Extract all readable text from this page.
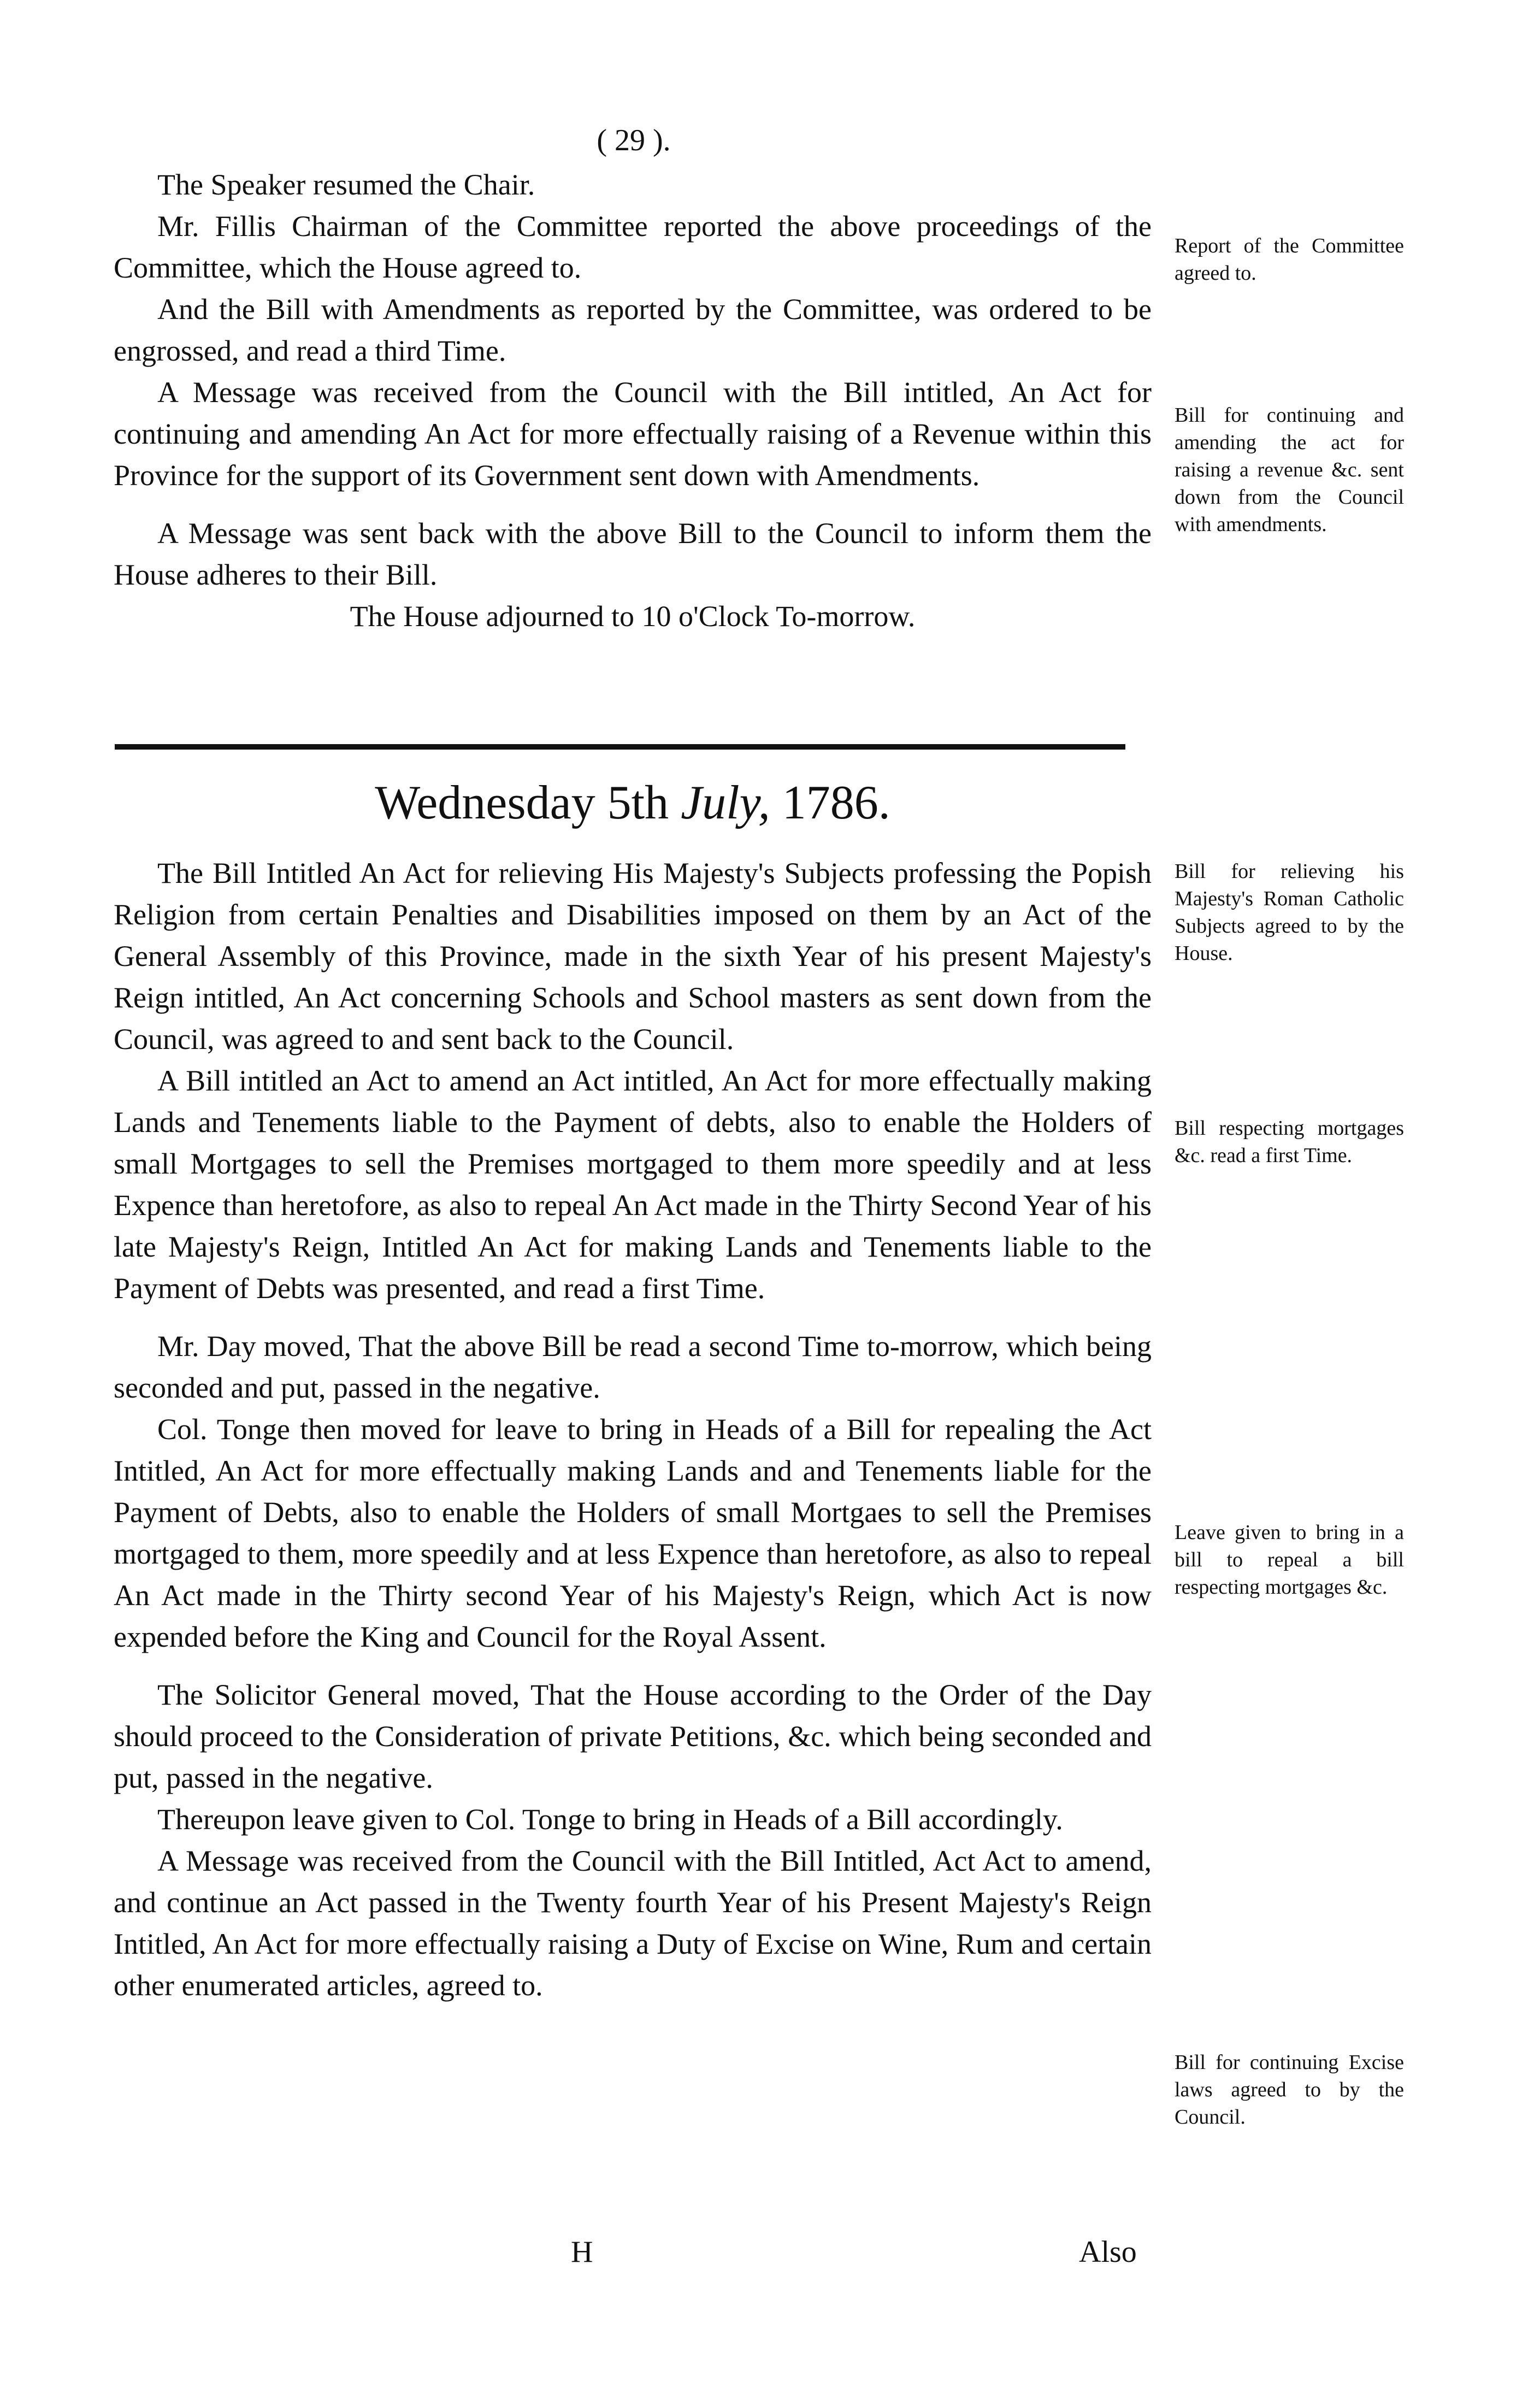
( 29 ).

The Speaker resumed the Chair.

Mr. Fillis Chairman of the Committee reported the above proceedings of the Committee, which the House agreed to.

And the Bill with Amendments as reported by the Committee, was ordered to be engrossed, and read a third Time.

A Message was received from the Council with the Bill intitled, An Act for continuing and amending An Act for more effectually raising of a Revenue within this Province for the support of its Government sent down with Amendments.

A Message was sent back with the above Bill to the Council to inform them the House adheres to their Bill.

The House adjourned to 10 o'Clock To-morrow.

Wednesday 5th July, 1786.

The Bill Intitled An Act for relieving His Majesty's Subjects professing the Popish Religion from certain Penalties and Disabilities imposed on them by an Act of the General Assembly of this Province, made in the sixth Year of his present Majesty's Reign intitled, An Act concerning Schools and School masters as sent down from the Council, was agreed to and sent back to the Council.

A Bill intitled an Act to amend an Act intitled, An Act for more effectually making Lands and Tenements liable to the Payment of debts, also to enable the Holders of small Mortgages to sell the Premises mortgaged to them more speedily and at less Expence than heretofore, as also to repeal An Act made in the Thirty Second Year of his late Majesty's Reign, Intitled An Act for making Lands and Tenements liable to the Payment of Debts was presented, and read a first Time.

Mr. Day moved, That the above Bill be read a second Time to-morrow, which being seconded and put, passed in the negative.

Col. Tonge then moved for leave to bring in Heads of a Bill for repealing the Act Intitled, An Act for more effectually making Lands and and Tenements liable for the Payment of Debts, also to enable the Holders of small Mortgaes to sell the Premises mortgaged to them, more speedily and at less Expence than heretofore, as also to repeal An Act made in the Thirty second Year of his Majesty's Reign, which Act is now expended before the King and Council for the Royal Assent.

The Solicitor General moved, That the House according to the Order of the Day should proceed to the Consideration of private Petitions, &c. which being seconded and put, passed in the negative.

Thereupon leave given to Col. Tonge to bring in Heads of a Bill accordingly.

A Message was received from the Council with the Bill Intitled, Act Act to amend, and continue an Act passed in the Twenty fourth Year of his Present Majesty's Reign Intitled, An Act for more effectually raising a Duty of Excise on Wine, Rum and certain other enumerated articles, agreed to.

Report of the Committee agreed to.
Bill for continuing and amending the act for raising a revenue &c. sent down from the Council with amendments.
Bill for relieving his Majesty's Roman Catholic Subjects agreed to by the House.
Bill respecting mortgages &c. read a first Time.
Leave given to bring in a bill to repeal a bill respecting mortgages &c.
Bill for continuing Excise laws agreed to by the Council.
H	Also
